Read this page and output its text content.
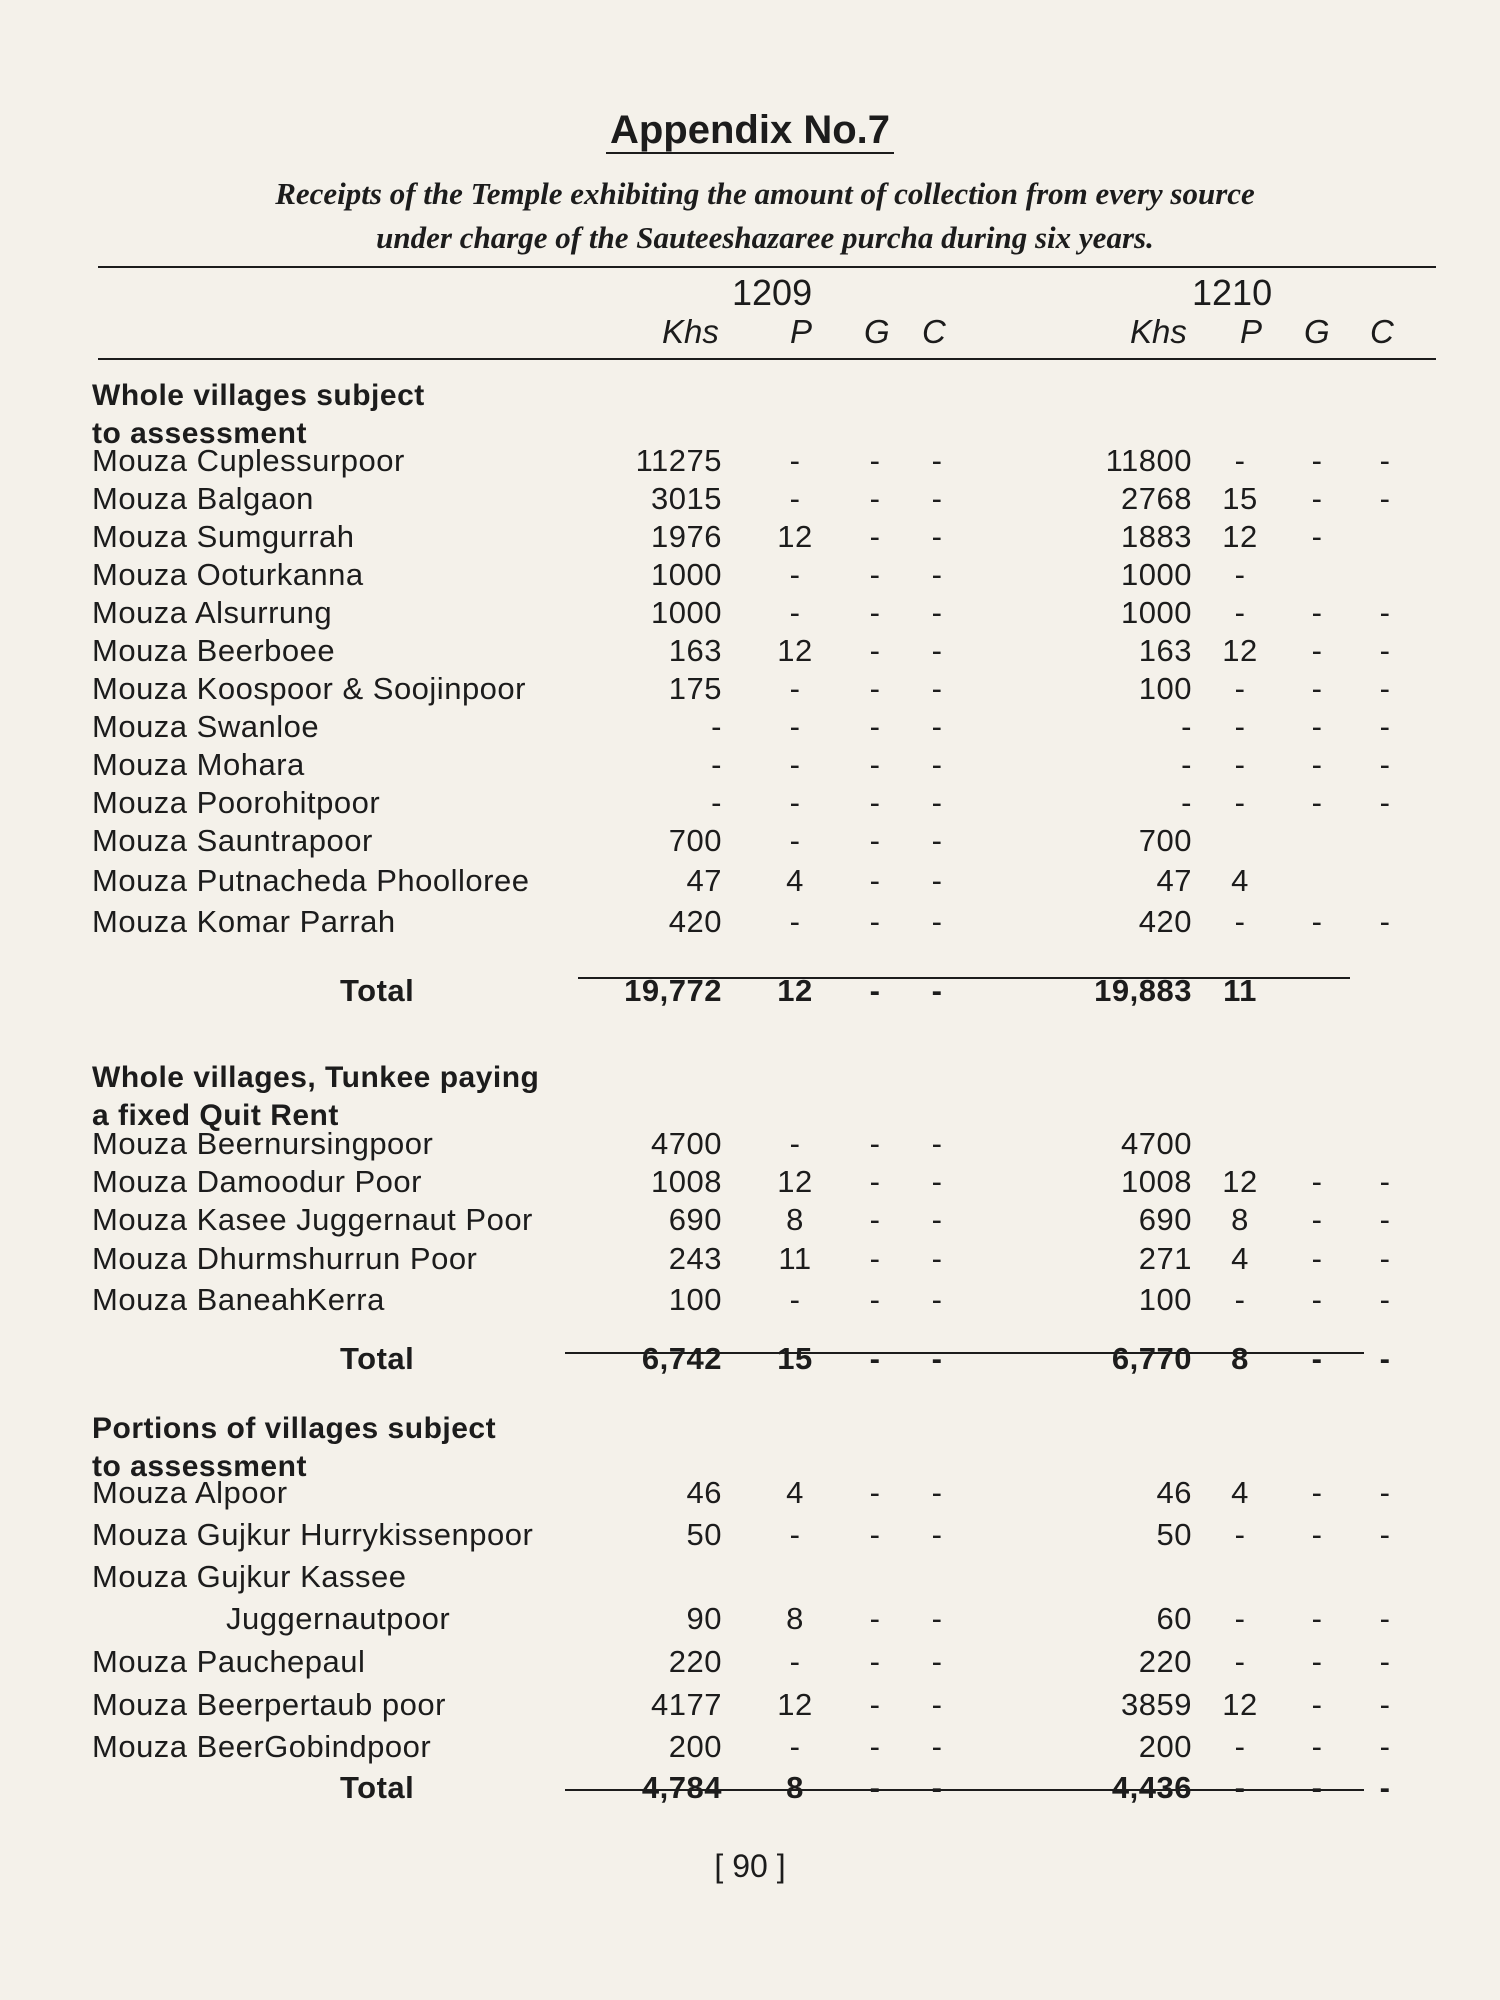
Appendix No.7
Receipts of the Temple exhibiting the amount of collection from every source
under charge of the Sauteeshazaree purcha during six years.
1209	1210
Khs P G C	Khs P G C
Whole villages subject
to assessment
Mouza Cuplessurpoor	11275	-	-	-	11800	-	-	-
Mouza Balgaon	3015	-	-	-	2768 15	-	-
Mouza Sumgurrah	1976 12	-	-	1883 12	-
Mouza Ooturkanna	1000	-	-	-	1000	-
Mouza Alsurrung	1000	-	-	-	1000	-	-	-
Mouza Beerboee	163 12	-	-	163 12	-	-
Mouza Koospoor & Soojinpoor	175	-	-	-	100	-	-	-
Mouza Swanloe	-	-	-	-	-	-	-	-
Mouza Mohara	-	-	-	-	-	-	-	-
Mouza Poorohitpoor	-	-	-	-	-	-	-	-
Mouza Sauntrapoor	700	-	-	-	700
Mouza Putnacheda Phoolloree	47	4	-	-	47	4
Mouza Komar Parrah	420	-	-	-	420	-	-	-
Total	19,772 12	-	-	19,883 11
Whole villages, Tunkee paying
a fixed Quit Rent
Mouza Beernursingpoor	4700	-	-	-	4700
Mouza Damoodur Poor	1008 12	-	-	1008 12	-	-
Mouza Kasee Juggernaut Poor	690	8	-	-	690	8	-	-
Mouza Dhurmshurrun Poor	243 11	-	-	271	4	-	-
Mouza BaneahKerra	100	-	-	-	100	-	-	-
Total	6,742 15	-	-	6,770	8	-	-
Portions of villages subject
to assessment
Mouza Alpoor	46	4	-	-	46	4	-	-
Mouza Gujkur Hurrykissenpoor	50	-	-	-	50	-	-	-
Mouza Gujkur Kassee
Juggernautpoor	90	8	-	-	60	-	-	-
Mouza Pauchepaul	220	-	-	-	220	-	-	-
Mouza Beerpertaub poor	4177 12	-	-	3859 12	-	-
Mouza BeerGobindpoor	200	-	-	-	200	-	-	-
Total	4,784	8	-	-	4,436	-	-	-
[ 90 ]
